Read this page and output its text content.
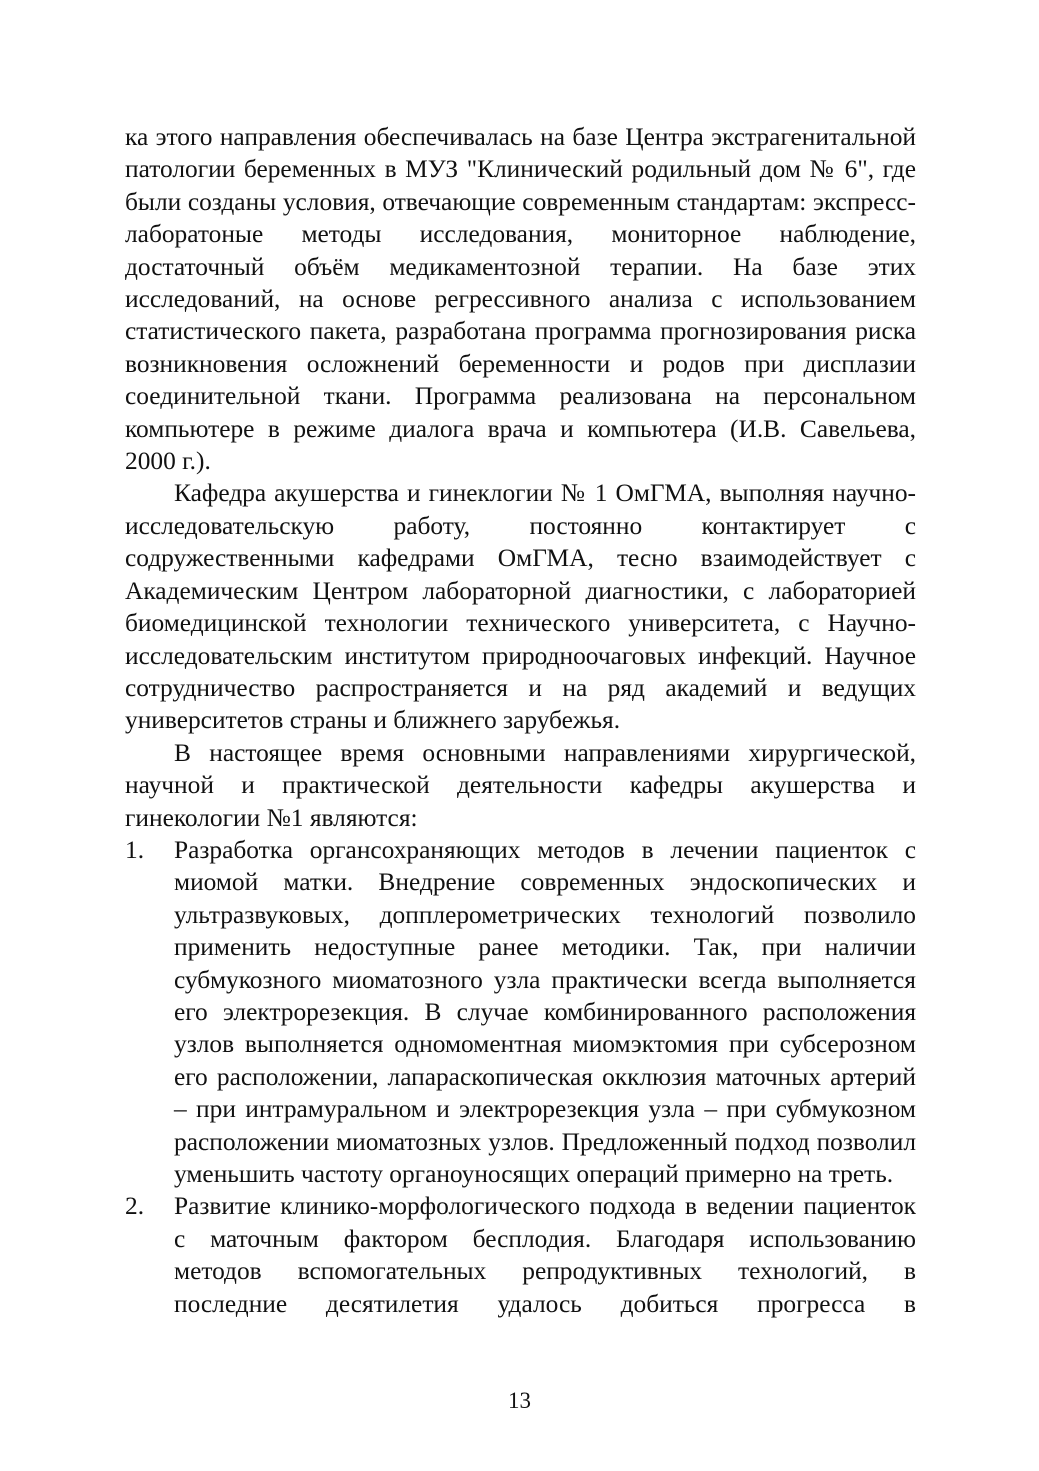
ка этого направления обеспечивалась на базе Центра экстрагенитальной патологии беременных в МУЗ "Клинический родильный дом № 6", где были созданы условия, отвечающие современным стандартам: экспресс-лаборатоные методы исследования, мониторное наблюдение, достаточный объём медикаментозной терапии. На базе этих исследований, на основе регрессивного анализа с использованием статистического пакета, разработана программа прогнозирования риска возникновения осложнений беременности и родов при дисплазии соединительной ткани. Программа реализована на персональном компьютере в режиме диалога врача и компьютера (И.В. Савельева, 2000 г.).

Кафедра акушерства и гинеклогии № 1 ОмГМА, выполняя научно-исследовательскую работу, постоянно контактирует с содружественными кафедрами ОмГМА, тесно взаимодействует с Академическим Центром лабораторной диагностики, с лабораторией биомедицинской технологии технического университета, с Научно-исследовательским институтом природноочаговых инфекций. Научное сотрудничество распространяется и на ряд академий и ведущих университетов страны и ближнего зарубежья.

В настоящее время основными направлениями хирургической, научной и практической деятельности кафедры акушерства и гинекологии №1 являются:

1. Разработка органсохраняющих методов в лечении пациенток с миомой матки. Внедрение современных эндоскопических и ультразвуковых, допплерометрических технологий позволило применить недоступные ранее методики. Так, при наличии субмукозного миоматозного узла практически всегда выполняется его электрорезекция. В случае комбинированного расположения узлов выполняется одномоментная миомэктомия при субсерозном его расположении, лапараскопическая окклюзия маточных артерий – при интрамуральном и электрорезекция узла – при субмукозном расположении миоматозных узлов. Предложенный подход позволил уменьшить частоту органоуносящих операций примерно на треть.
2. Развитие клинико-морфологического подхода в ведении пациенток с маточным фактором бесплодия. Благодаря использованию методов вспомогательных репродуктивных технологий, в последние десятилетия удалось добиться прогресса в
13
